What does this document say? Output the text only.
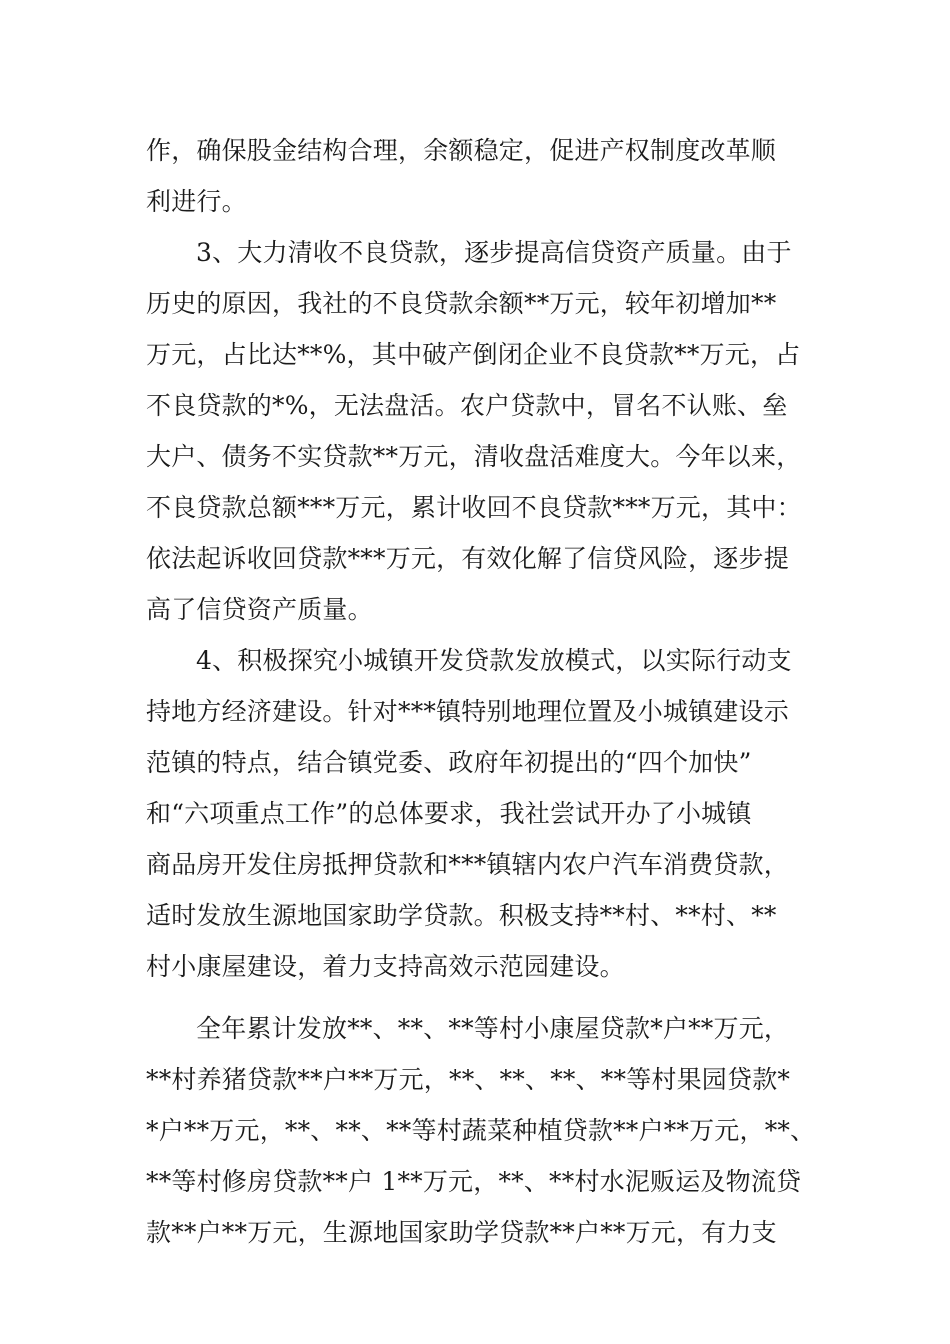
作，确保股金结构合理，余额稳定，促进产权制度改革顺
利进行。
3、大力清收不良贷款，逐步提高信贷资产质量。由于
历史的原因，我社的不良贷款余额**万元，较年初增加**
万元，占比达**%，其中破产倒闭企业不良贷款**万元，占
不良贷款的*%，无法盘活。农户贷款中，冒名不认账、垒
大户、债务不实贷款**万元，清收盘活难度大。今年以来，
不良贷款总额***万元，累计收回不良贷款***万元，其中：
依法起诉收回贷款***万元，有效化解了信贷风险，逐步提
高了信贷资产质量。
4、积极探究小城镇开发贷款发放模式，以实际行动支
持地方经济建设。针对***镇特别地理位置及小城镇建设示
范镇的特点，结合镇党委、政府年初提出的“四个加快”
和“六项重点工作”的总体要求，我社尝试开办了小城镇
商品房开发住房抵押贷款和***镇辖内农户汽车消费贷款，
适时发放生源地国家助学贷款。积极支持**村、**村、**
村小康屋建设，着力支持高效示范园建设。
全年累计发放**、**、**等村小康屋贷款*户**万元，
**村养猪贷款**户**万元，**、**、**、**等村果园贷款*
*户**万元，**、**、**等村蔬菜种植贷款**户**万元，**、
**等村修房贷款**户 1**万元，**、**村水泥贩运及物流贷
款**户**万元，生源地国家助学贷款**户**万元，有力支
